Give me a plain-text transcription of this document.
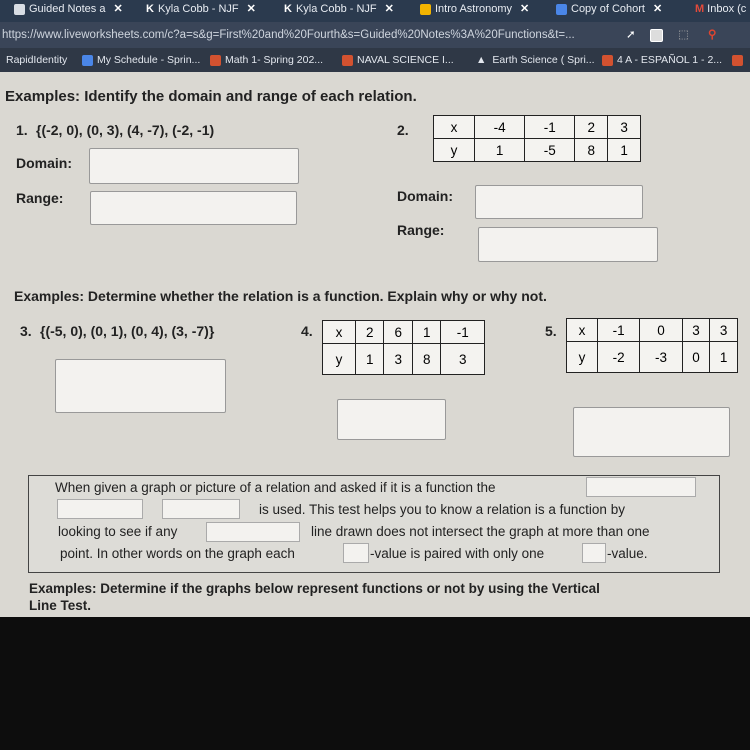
Guided Notes a ✕ K Kyla Cobb - NJF ✕	K Kyla Cobb - NJF ✕	Intro Astronomy ✕	Copy of Cohort ✕	M Inbox (c
https://www.liveworksheets.com/c?a=s&g=First%20and%20Fourth&s=Guided%20Notes%3A%20Functions&t=...	➚	⬚ ⚲
RapidIdentity	My Schedule - Sprin...	Math 1- Spring 202...	NAVAL SCIENCE I... ▲ Earth Science ( Spri...	4 A - ESPAÑOL 1 - 2...
Examples: Identify the domain and range of each relation.
1. {(-2, 0), (0, 3), (4, -7), (-2, -1)
Domain:
Range:
2.	x	-4	-1	2	3
y	1	-5	8	1
Domain:
Range:
Examples: Determine whether the relation is a function. Explain why or why not.
3. {(-5, 0), (0, 1), (0, 4), (3, -7)}	4. x	2	6	1	-1
y	1	3	8	3
5. x	-1	0	3	3
y	-2	-3	0	1
When given a graph or picture of a relation and asked if it is a function the
is used. This test helps you to know a relation is a function by
looking to see if any	line drawn does not intersect the graph at more than one
point. In other words on the graph each	-value is paired with only one	-value.
Examples: Determine if the graphs below represent functions or not by using the Vertical
Line Test.
